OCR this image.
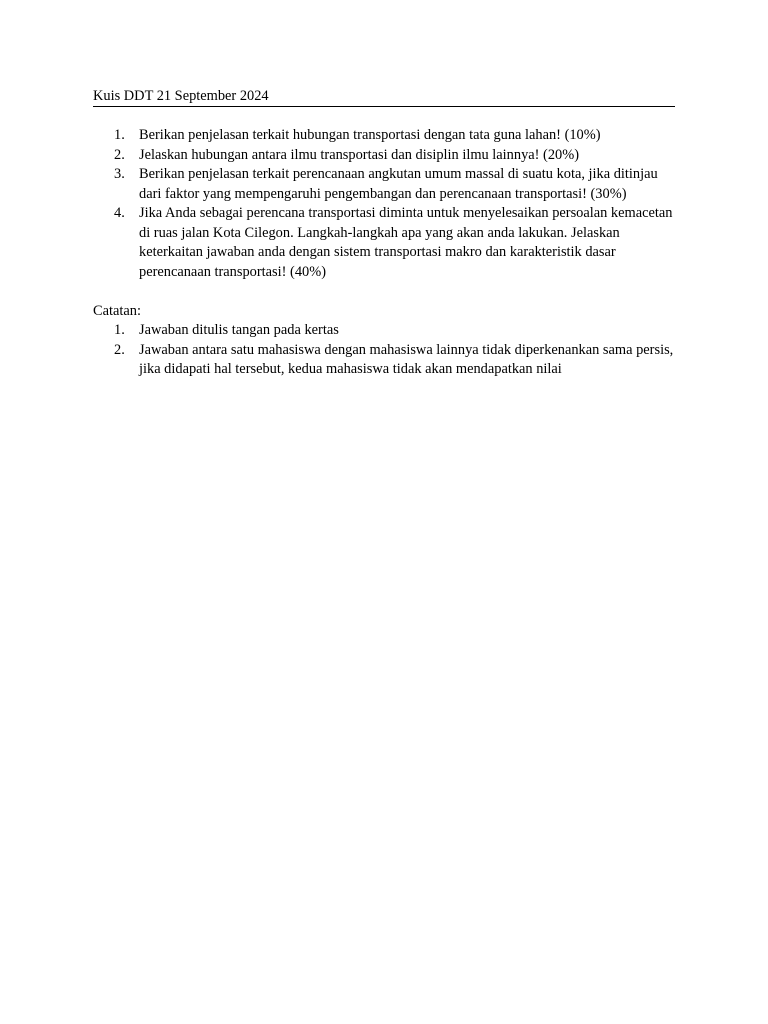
Kuis DDT 21 September 2024
1. Berikan penjelasan terkait hubungan transportasi dengan tata guna lahan! (10%)
2. Jelaskan hubungan antara ilmu transportasi dan disiplin ilmu lainnya! (20%)
3. Berikan penjelasan terkait perencanaan angkutan umum massal di suatu kota, jika ditinjau dari faktor yang mempengaruhi pengembangan dan perencanaan transportasi! (30%)
4. Jika Anda sebagai perencana transportasi diminta untuk menyelesaikan persoalan kemacetan di ruas jalan Kota Cilegon. Langkah-langkah apa yang akan anda lakukan. Jelaskan keterkaitan jawaban anda dengan sistem transportasi makro dan karakteristik dasar perencanaan transportasi! (40%)
Catatan:
1. Jawaban ditulis tangan pada kertas
2. Jawaban antara satu mahasiswa dengan mahasiswa lainnya tidak diperkenankan sama persis, jika didapati hal tersebut, kedua mahasiswa tidak akan mendapatkan nilai
